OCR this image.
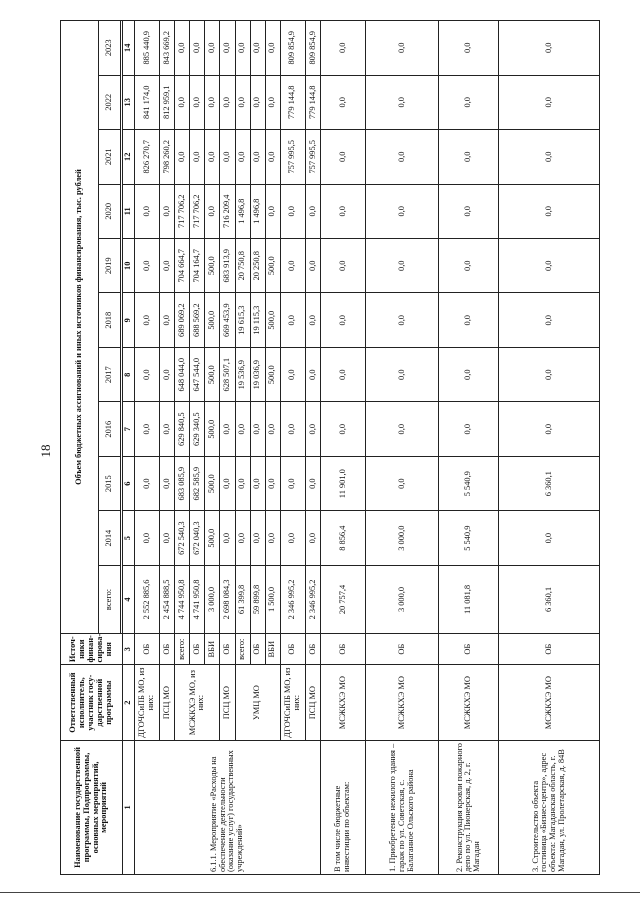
18
Наименование государственной программы, Подпрограммы, основных мероприятий, мероприятий	Ответственный исполнитель, участник госу-дарственной программы	Источ-ники финан-сирова-ния	Объем бюджетных ассигнований и иных источников финансирования, тыс. рублей										
			всего:	2014	2015	2016	2017	2018	2019	2020	2021	2022	2023

1	2	3	4	5	6	7	8	9	10	11	12	13	14
6.1.1. Мероприятие «Расходы на обеспечение деятельности (оказание услуг) государственных учреждений»	ДГОЧСиПБ МО, из них:	ОБ	2 552 885,6	0,0	0,0	0,0	0,0	0,0	0,0	0,0	826 270,7	841 174,0	885 440,9
	ПСЦ МО	ОБ	2 454 888,5	0,0	0,0	0,0	0,0	0,0	0,0	0,0	798 260,2	812 959,1	843 669,2
	МСЖКХЭ МО, из них:	всего:	4 744 950,8	672 540,3	683 085,9	629 840,5	648 044,0	689 069,2	704 664,7	717 706,2	0,0	0,0	0,0
		ОБ	4 741 950,8	672 040,3	682 585,9	629 340,5	647 544,0	688 569,2	704 164,7	717 706,2	0,0	0,0	0,0
		ВБИ	3 000,0	500,0	500,0	500,0	500,0	500,0	500,0	0,0	0,0	0,0	0,0
	ПСЦ МО	ОБ	2 698 084,3	0,0	0,0	0,0	628 507,1	669 453,9	683 913,9	716 209,4	0,0	0,0	0,0
	УМЦ МО	всего:	61 399,8	0,0	0,0	0,0	19 536,9	19 615,3	20 750,8	1 496,8	0,0	0,0	0,0
		ОБ	59 899,8	0,0	0,0	0,0	19 036,9	19 115,3	20 250,8	1 496,8	0,0	0,0	0,0
		ВБИ	1 500,0	0,0	0,0	0,0	500,0	500,0	500,0	0,0	0,0	0,0	0,0
	ДГОЧСиПБ МО, из них:	ОБ	2 346 995,2	0,0	0,0	0,0	0,0	0,0	0,0	0,0	757 995,5	779 144,8	809 854,9
	ПСЦ МО	ОБ	2 346 995,2	0,0	0,0	0,0	0,0	0,0	0,0	0,0	757 995,5	779 144,8	809 854,9
В том числе бюджетные инвестиции по объектам:	МСЖКХЭ МО	ОБ	20 757,4	8 856,4	11 901,0	0,0	0,0	0,0	0,0	0,0	0,0	0,0	0,0
1. Приобретение нежилого здания – гараж по ул. Советская, с. Балаганное Ольского района	МСЖКХЭ МО	ОБ	3 000,0	3 000,0	0,0	0,0	0,0	0,0	0,0	0,0	0,0	0,0	0,0
2. Реконструкция кровли пожарного депо по ул. Пионерская, д. 2, г. Магадан	МСЖКХЭ МО	ОБ	11 081,8	5 540,9	5 540,9	0,0	0,0	0,0	0,0	0,0	0,0	0,0	0,0
3. Строительство объекта гостиница «Бизнес-центр», адрес объекта: Магаданская область, г. Магадан, ул. Пролетарская, д. 84В	МСЖКХЭ МО	ОБ	6 360,1	0,0	6 360,1	0,0	0,0	0,0	0,0	0,0	0,0	0,0	0,0
